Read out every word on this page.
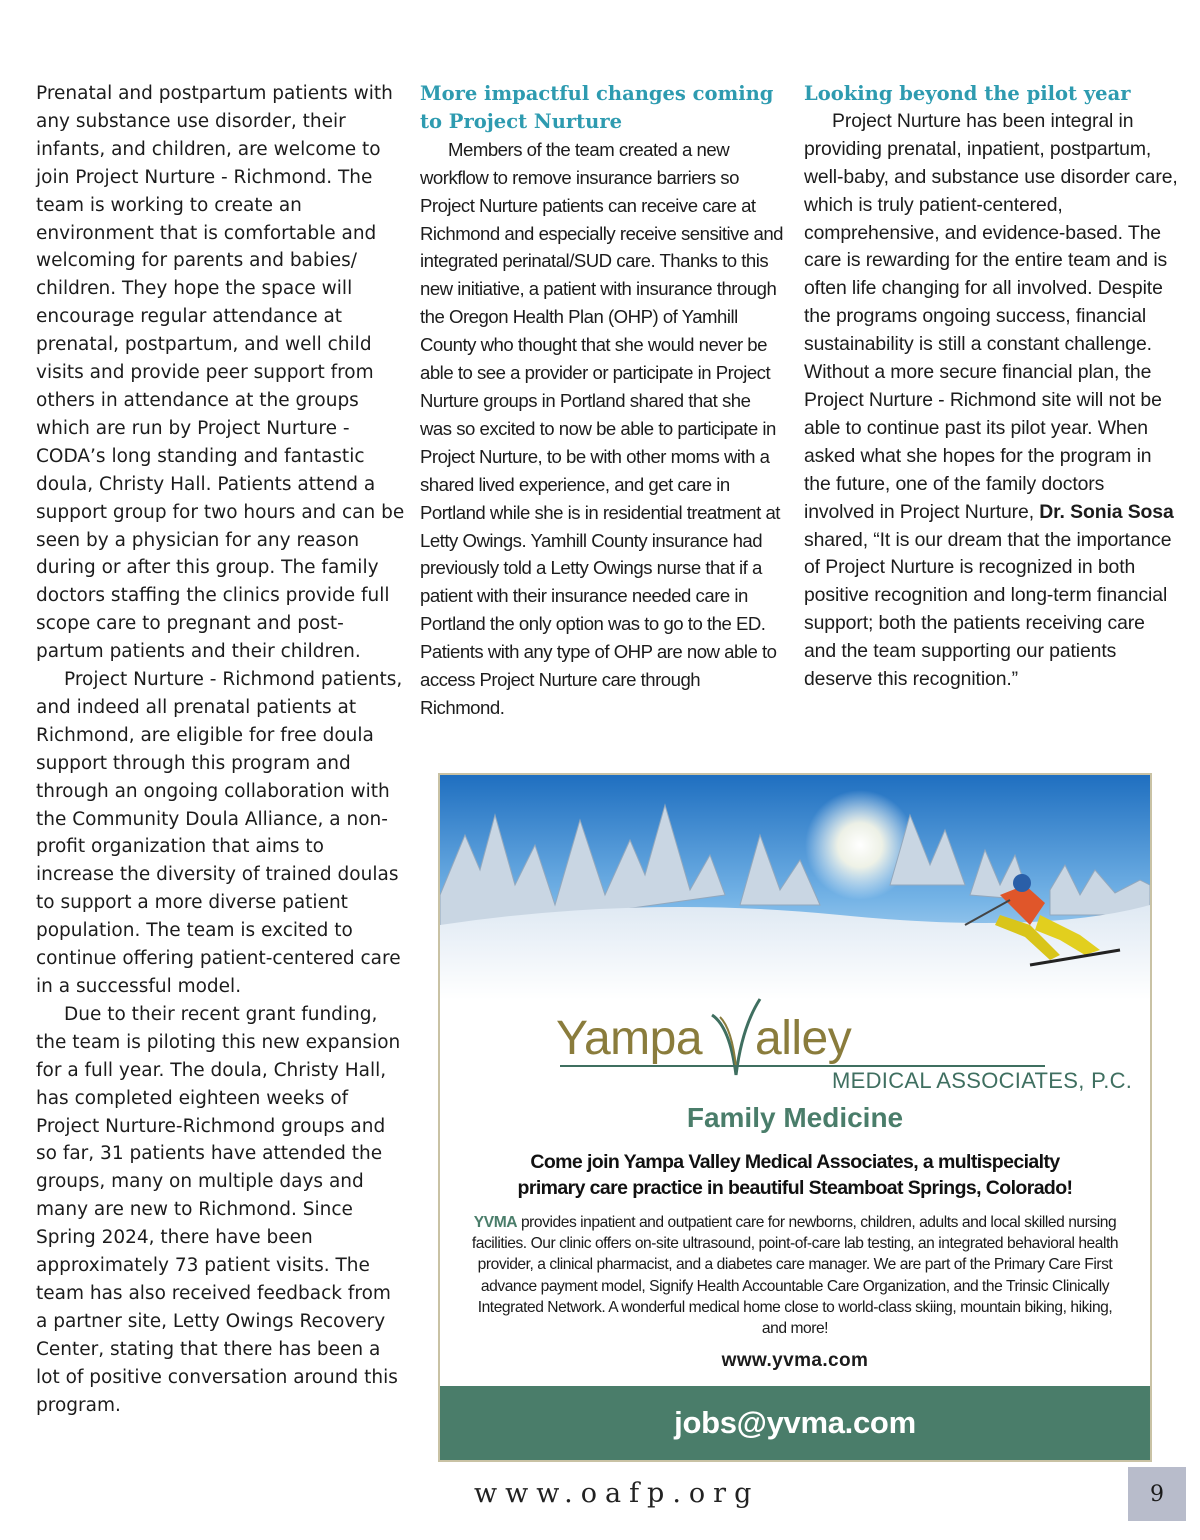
Prenatal and postpartum patients with any substance use disorder, their infants, and children, are welcome to join Project Nurture - Richmond. The team is working to create an environment that is comfortable and welcoming for parents and babies/ children. They hope the space will encourage regular attendance at prenatal, postpartum, and well child visits and provide peer support from others in attendance at the groups which are run by Project Nurture - CODA’s long standing and fantastic doula, Christy Hall. Patients attend a support group for two hours and can be seen by a physician for any reason during or after this group. The family doctors staffing the clinics provide full scope care to pregnant and post-partum patients and their children.

Project Nurture - Richmond patients, and indeed all prenatal patients at Richmond, are eligible for free doula support through this program and through an ongoing collaboration with the Community Doula Alliance, a non-profit organization that aims to increase the diversity of trained doulas to support a more diverse patient population. The team is excited to continue offering patient-centered care in a successful model.

Due to their recent grant funding, the team is piloting this new expansion for a full year. The doula, Christy Hall, has completed eighteen weeks of Project Nurture-Richmond groups and so far, 31 patients have attended the groups, many on multiple days and many are new to Richmond. Since Spring 2024, there have been approximately 73 patient visits. The team has also received feedback from a partner site, Letty Owings Recovery Center, stating that there has been a lot of positive conversation around this program.

More impactful changes coming to Project Nurture

Members of the team created a new workflow to remove insurance barriers so Project Nurture patients can receive care at Richmond and especially receive sensitive and integrated perinatal/SUD care. Thanks to this new initiative, a patient with insurance through the Oregon Health Plan (OHP) of Yamhill County who thought that she would never be able to see a provider or participate in Project Nurture groups in Portland shared that she was so excited to now be able to participate in Project Nurture, to be with other moms with a shared lived experience, and get care in Portland while she is in residential treatment at Letty Owings. Yamhill County insurance had previously told a Letty Owings nurse that if a patient with their insurance needed care in Portland the only option was to go to the ED. Patients with any type of OHP are now able to access Project Nurture care through Richmond.

Looking beyond the pilot year

Project Nurture has been integral in providing prenatal, inpatient, postpartum, well-baby, and substance use disorder care, which is truly patient-centered, comprehensive, and evidence-based. The care is rewarding for the entire team and is often life changing for all involved. Despite the programs ongoing success, financial sustainability is still a constant challenge. Without a more secure financial plan, the Project Nurture - Richmond site will not be able to continue past its pilot year. When asked what she hopes for the program in the future, one of the family doctors involved in Project Nurture, Dr. Sonia Sosa shared, “It is our dream that the importance of Project Nurture is recognized in both positive recognition and long-term financial support; both the patients receiving care and the team supporting our patients deserve this recognition.”

Yampa alley
MEDICAL ASSOCIATES, P.C.
Family Medicine
Come join Yampa Valley Medical Associates, a multispecialty
primary care practice in beautiful Steamboat Springs, Colorado!
YVMA provides inpatient and outpatient care for newborns, children, adults and local skilled nursing facilities. Our clinic offers on-site ultrasound, point-of-care lab testing, an integrated behavioral health provider, a clinical pharmacist, and a diabetes care manager. We are part of the Primary Care First advance payment model, Signify Health Accountable Care Organization, and the Trinsic Clinically Integrated Network. A wonderful medical home close to world-class skiing, mountain biking, hiking, and more!
www.yvma.com
jobs@yvma.com
www.oafp.org	9
